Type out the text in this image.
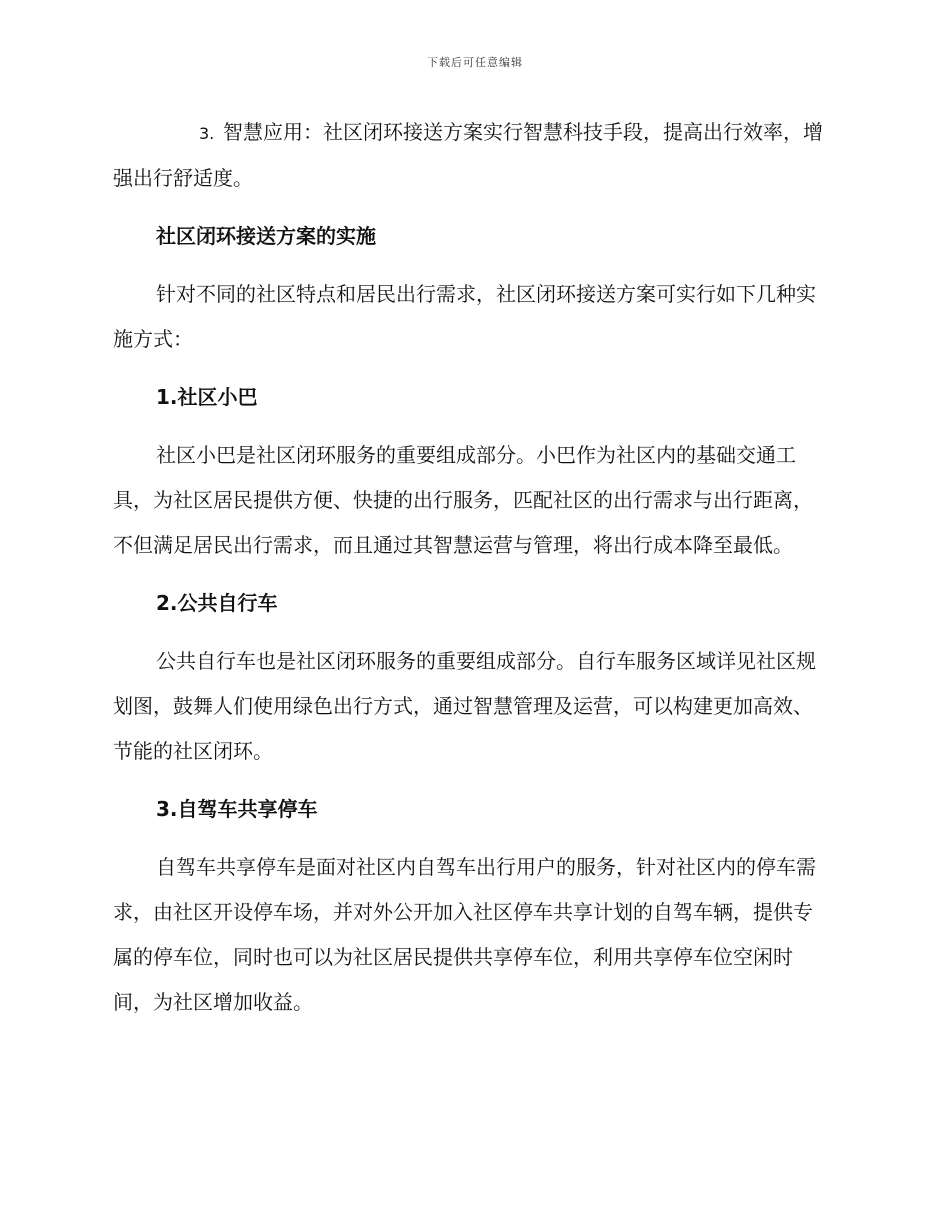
下载后可任意编辑

3. 智慧应用：社区闭环接送方案实行智慧科技手段，提高出行效率，增强出行舒适度。

社区闭环接送方案的实施

针对不同的社区特点和居民出行需求，社区闭环接送方案可实行如下几种实施方式：

1.社区小巴

社区小巴是社区闭环服务的重要组成部分。小巴作为社区内的基础交通工具，为社区居民提供方便、快捷的出行服务，匹配社区的出行需求与出行距离，不但满足居民出行需求，而且通过其智慧运营与管理，将出行成本降至最低。

2.公共自行车

公共自行车也是社区闭环服务的重要组成部分。自行车服务区域详见社区规划图，鼓舞人们使用绿色出行方式，通过智慧管理及运营，可以构建更加高效、节能的社区闭环。

3.自驾车共享停车

自驾车共享停车是面对社区内自驾车出行用户的服务，针对社区内的停车需求，由社区开设停车场，并对外公开加入社区停车共享计划的自驾车辆，提供专属的停车位，同时也可以为社区居民提供共享停车位，利用共享停车位空闲时间，为社区增加收益。
